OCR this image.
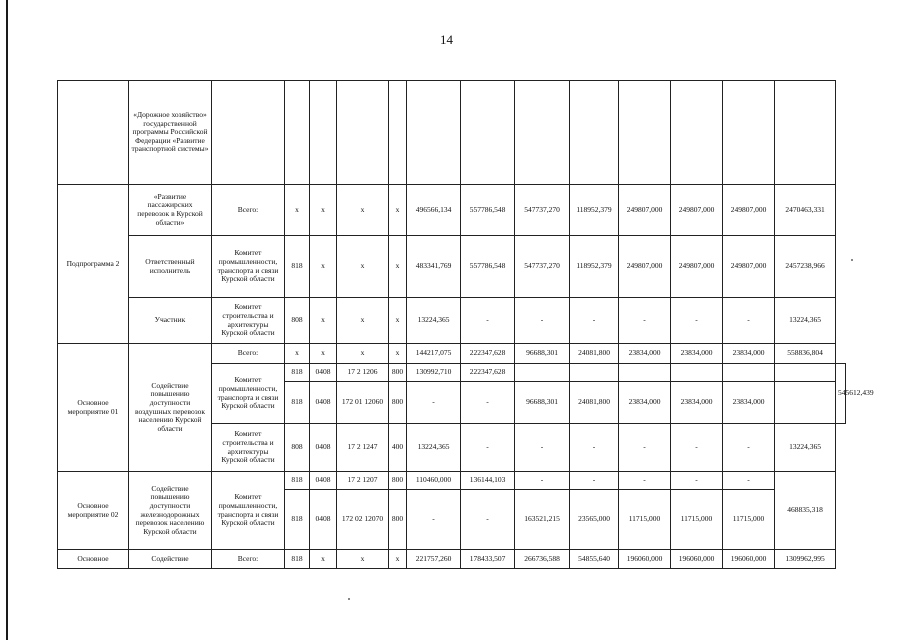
14
	«Дорожное хозяйство» государственной программы Российской Федерации «Развитие транспортной системы»														
Подпрограмма 2	«Развитие пассажирских перевозок в Курской области»	Всего:	x	x	x	x	496566,134	557786,548	547737,270	118952,379	249807,000	249807,000	249807,000	2470463,331	
	Ответственный исполнитель	Комитет промышленности, транспорта и связи Курской области	818	x	x	x	483341,769	557786,548	547737,270	118952,379	249807,000	249807,000	249807,000	2457238,966	
	Участник	Комитет строительства и архитектуры Курской области	808	x	x	x	13224,365	-	-	-	-	-	-	13224,365	
Основное мероприятие 01	Содействие повышению доступности воздушных перевозок населению Курской области	Всего:	x	x	x	x	144217,075	222347,628	96688,301	24081,800	23834,000	23834,000	23834,000	558836,804	
		Комитет промышленности, транспорта и связи Курской области	818	0408	17 2 1206	800	130992,710	222347,628							545612,439
			818	0408	172 01 12060	800	-	-	96688,301	24081,800	23834,000	23834,000	23834,000		
		Комитет строительства и архитектуры Курской области	808	0408	17 2 1247	400	13224,365	-	-	-	-	-	-	13224,365	
Основное мероприятие 02	Содействие повышению доступности железнодорожных перевозок населению Курской области	Комитет промышленности, транспорта и связи Курской области	818	0408	17 2 1207	800	110460,000	136144,103	-	-	-	-	-	468835,318	
			818	0408	172 02 12070	800	-	-	163521,215	23565,000	11715,000	11715,000	11715,000		
Основное	Содействие	Всего:	818	x	x	x	221757,260	178433,507	266736,588	54855,640	196060,000	196060,000	196060,000	1309962,995	
